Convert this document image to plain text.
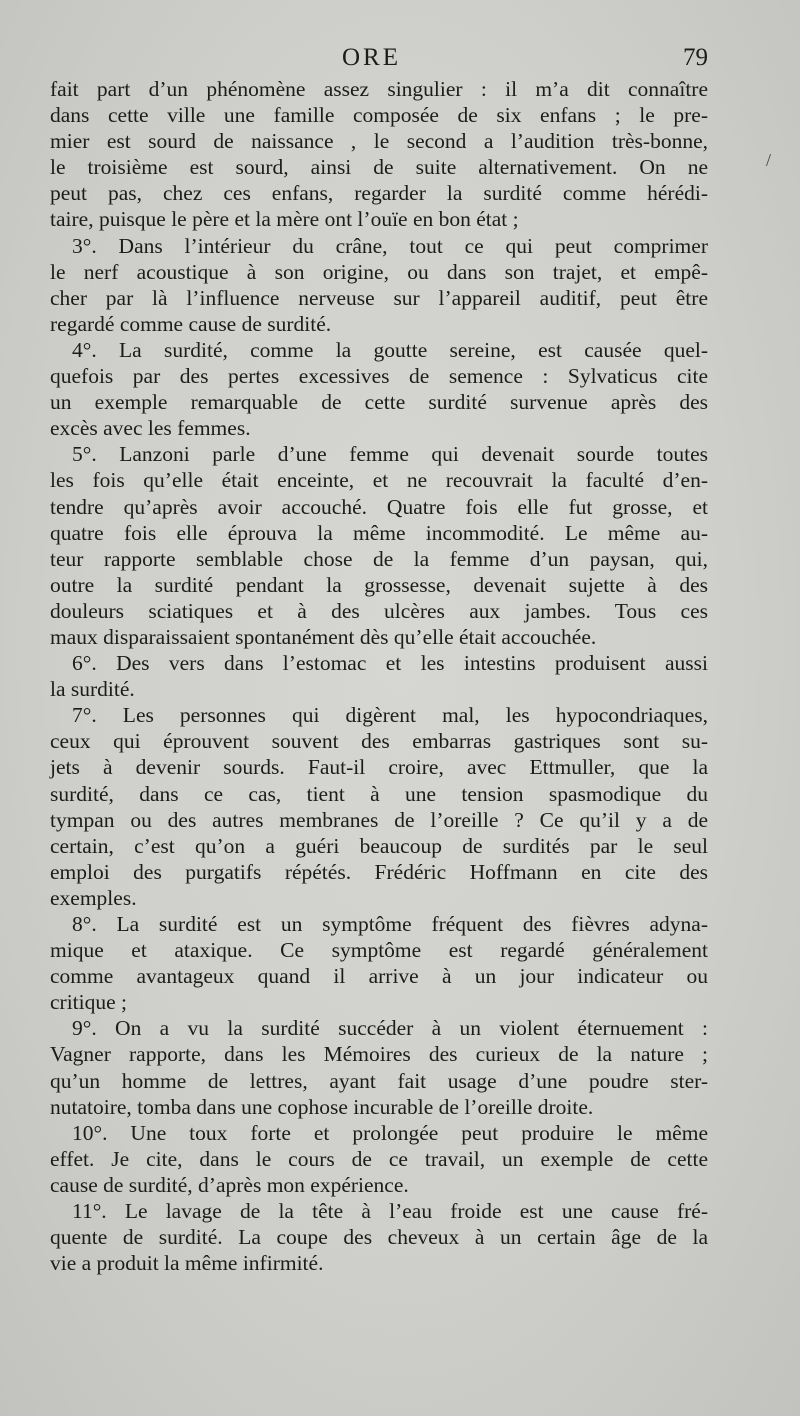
ORE	79
/
fait part d’un phénomène assez singulier : il m’a dit connaître
dans cette ville une famille composée de six enfans ; le pre-
mier est sourd de naissance , le second a l’audition très-bonne,
le troisième est sourd, ainsi de suite alternativement. On ne
peut pas, chez ces enfans, regarder la surdité comme hérédi-
taire, puisque le père et la mère ont l’ouïe en bon état ;
3°. Dans l’intérieur du crâne, tout ce qui peut comprimer
le nerf acoustique à son origine, ou dans son trajet, et empê-
cher par là l’influence nerveuse sur l’appareil auditif, peut être
regardé comme cause de surdité.
4°. La surdité, comme la goutte sereine, est causée quel-
quefois par des pertes excessives de semence : Sylvaticus cite
un exemple remarquable de cette surdité survenue après des
excès avec les femmes.
5°. Lanzoni parle d’une femme qui devenait sourde toutes
les fois qu’elle était enceinte, et ne recouvrait la faculté d’en-
tendre qu’après avoir accouché. Quatre fois elle fut grosse, et
quatre fois elle éprouva la même incommodité. Le même au-
teur rapporte semblable chose de la femme d’un paysan, qui,
outre la surdité pendant la grossesse, devenait sujette à des
douleurs sciatiques et à des ulcères aux jambes. Tous ces
maux disparaissaient spontanément dès qu’elle était accouchée.
6°. Des vers dans l’estomac et les intestins produisent aussi
la surdité.
7°. Les personnes qui digèrent mal, les hypocondriaques,
ceux qui éprouvent souvent des embarras gastriques sont su-
jets à devenir sourds. Faut-il croire, avec Ettmuller, que la
surdité, dans ce cas, tient à une tension spasmodique du
tympan ou des autres membranes de l’oreille ? Ce qu’il y a de
certain, c’est qu’on a guéri beaucoup de surdités par le seul
emploi des purgatifs répétés. Frédéric Hoffmann en cite des
exemples.
8°. La surdité est un symptôme fréquent des fièvres adyna-
mique et ataxique. Ce symptôme est regardé généralement
comme avantageux quand il arrive à un jour indicateur ou
critique ;
9°. On a vu la surdité succéder à un violent éternuement :
Vagner rapporte, dans les Mémoires des curieux de la nature ;
qu’un homme de lettres, ayant fait usage d’une poudre ster-
nutatoire, tomba dans une cophose incurable de l’oreille droite.
10°. Une toux forte et prolongée peut produire le même
effet. Je cite, dans le cours de ce travail, un exemple de cette
cause de surdité, d’après mon expérience.
11°. Le lavage de la tête à l’eau froide est une cause fré-
quente de surdité. La coupe des cheveux à un certain âge de la
vie a produit la même infirmité.
